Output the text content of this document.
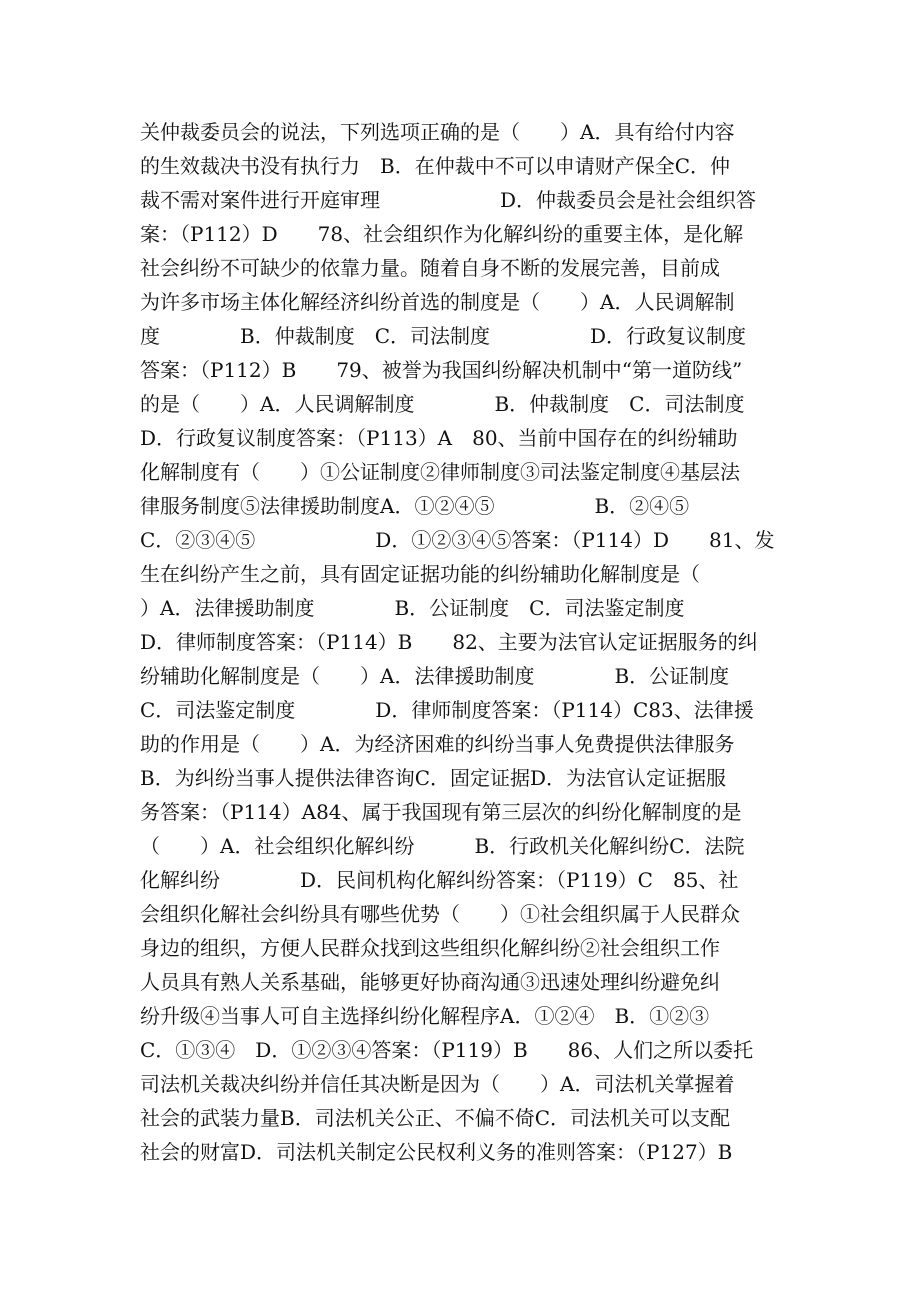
关仲裁委员会的说法，下列选项正确的是（　　）A．具有给付内容
的生效裁决书没有执行力　B．在仲裁中不可以申请财产保全C．仲
裁不需对案件进行开庭审理　　　　　　D．仲裁委员会是社会组织答
案：（P112）D　　78、社会组织作为化解纠纷的重要主体，是化解
社会纠纷不可缺少的依靠力量。随着自身不断的发展完善，目前成
为许多市场主体化解经济纠纷首选的制度是（　　）A．人民调解制
度　　　　B．仲裁制度　C．司法制度　　　　　D．行政复议制度
答案：（P112）B　　79、被誉为我国纠纷解决机制中“第一道防线”
的是（　　）A．人民调解制度　　　　B．仲裁制度　C．司法制度
D．行政复议制度答案：（P113）A　80、当前中国存在的纠纷辅助
化解制度有（　　）①公证制度②律师制度③司法鉴定制度④基层法
律服务制度⑤法律援助制度A．①②④⑤　　　　　B．②④⑤
C．②③④⑤　　　　　　D．①②③④⑤答案：（P114）D　　81、发
生在纠纷产生之前，具有固定证据功能的纠纷辅助化解制度是（
）A．法律援助制度　　　　B．公证制度　C．司法鉴定制度
D．律师制度答案：（P114）B　　82、主要为法官认定证据服务的纠
纷辅助化解制度是（　　）A．法律援助制度　　　　B．公证制度
C．司法鉴定制度　　　　D．律师制度答案：（P114）C83、法律援
助的作用是（　　）A．为经济困难的纠纷当事人免费提供法律服务
B．为纠纷当事人提供法律咨询C．固定证据D．为法官认定证据服
务答案：（P114）A84、属于我国现有第三层次的纠纷化解制度的是
（　　）A．社会组织化解纠纷　　　B．行政机关化解纠纷C．法院
化解纠纷　　　　D．民间机构化解纠纷答案：（P119）C　85、社
会组织化解社会纠纷具有哪些优势（　　）①社会组织属于人民群众
身边的组织，方便人民群众找到这些组织化解纠纷②社会组织工作
人员具有熟人关系基础，能够更好协商沟通③迅速处理纠纷避免纠
纷升级④当事人可自主选择纠纷化解程序A．①②④　B．①②③
C．①③④　D．①②③④答案：（P119）B　　86、人们之所以委托
司法机关裁决纠纷并信任其决断是因为（　　）A．司法机关掌握着
社会的武装力量B．司法机关公正、不偏不倚C．司法机关可以支配
社会的财富D．司法机关制定公民权利义务的准则答案：（P127）B
